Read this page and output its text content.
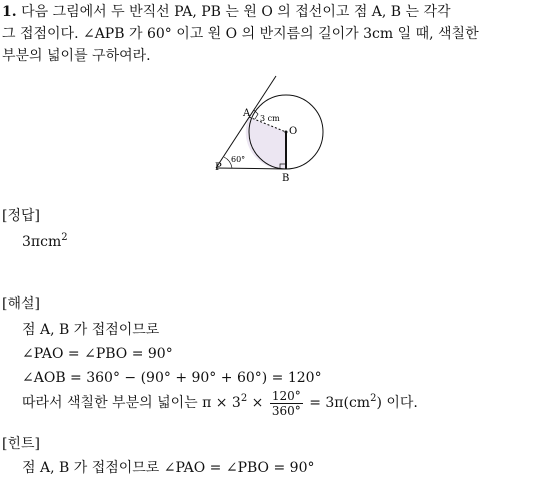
1. 다음 그림에서 두 반직선 PA, PB 는 원 O 의 접선이고 점 A, B 는 각각
그 접점이다. ∠APB 가 60° 이고 원 O 의 반지름의 길이가 3cm 일 때, 색칠한
부분의 넓이를 구하여라.
A
B
O
P
3 cm
60°
[정답]
3πcm$^2$
[해설]
점 A, B 가 접점이므로
∠PAO = ∠PBO = 90°
∠AOB = 360° − (90° + 90° + 60°) = 120°
따라서 색칠한 부분의 넓이는 $\pi \times 3^2 \times \frac{120^\circ}{360^\circ} = 3\pi(cm^2)$ 이다.
[힌트]
점 A, B 가 접점이므로 ∠PAO = ∠PBO = 90°
